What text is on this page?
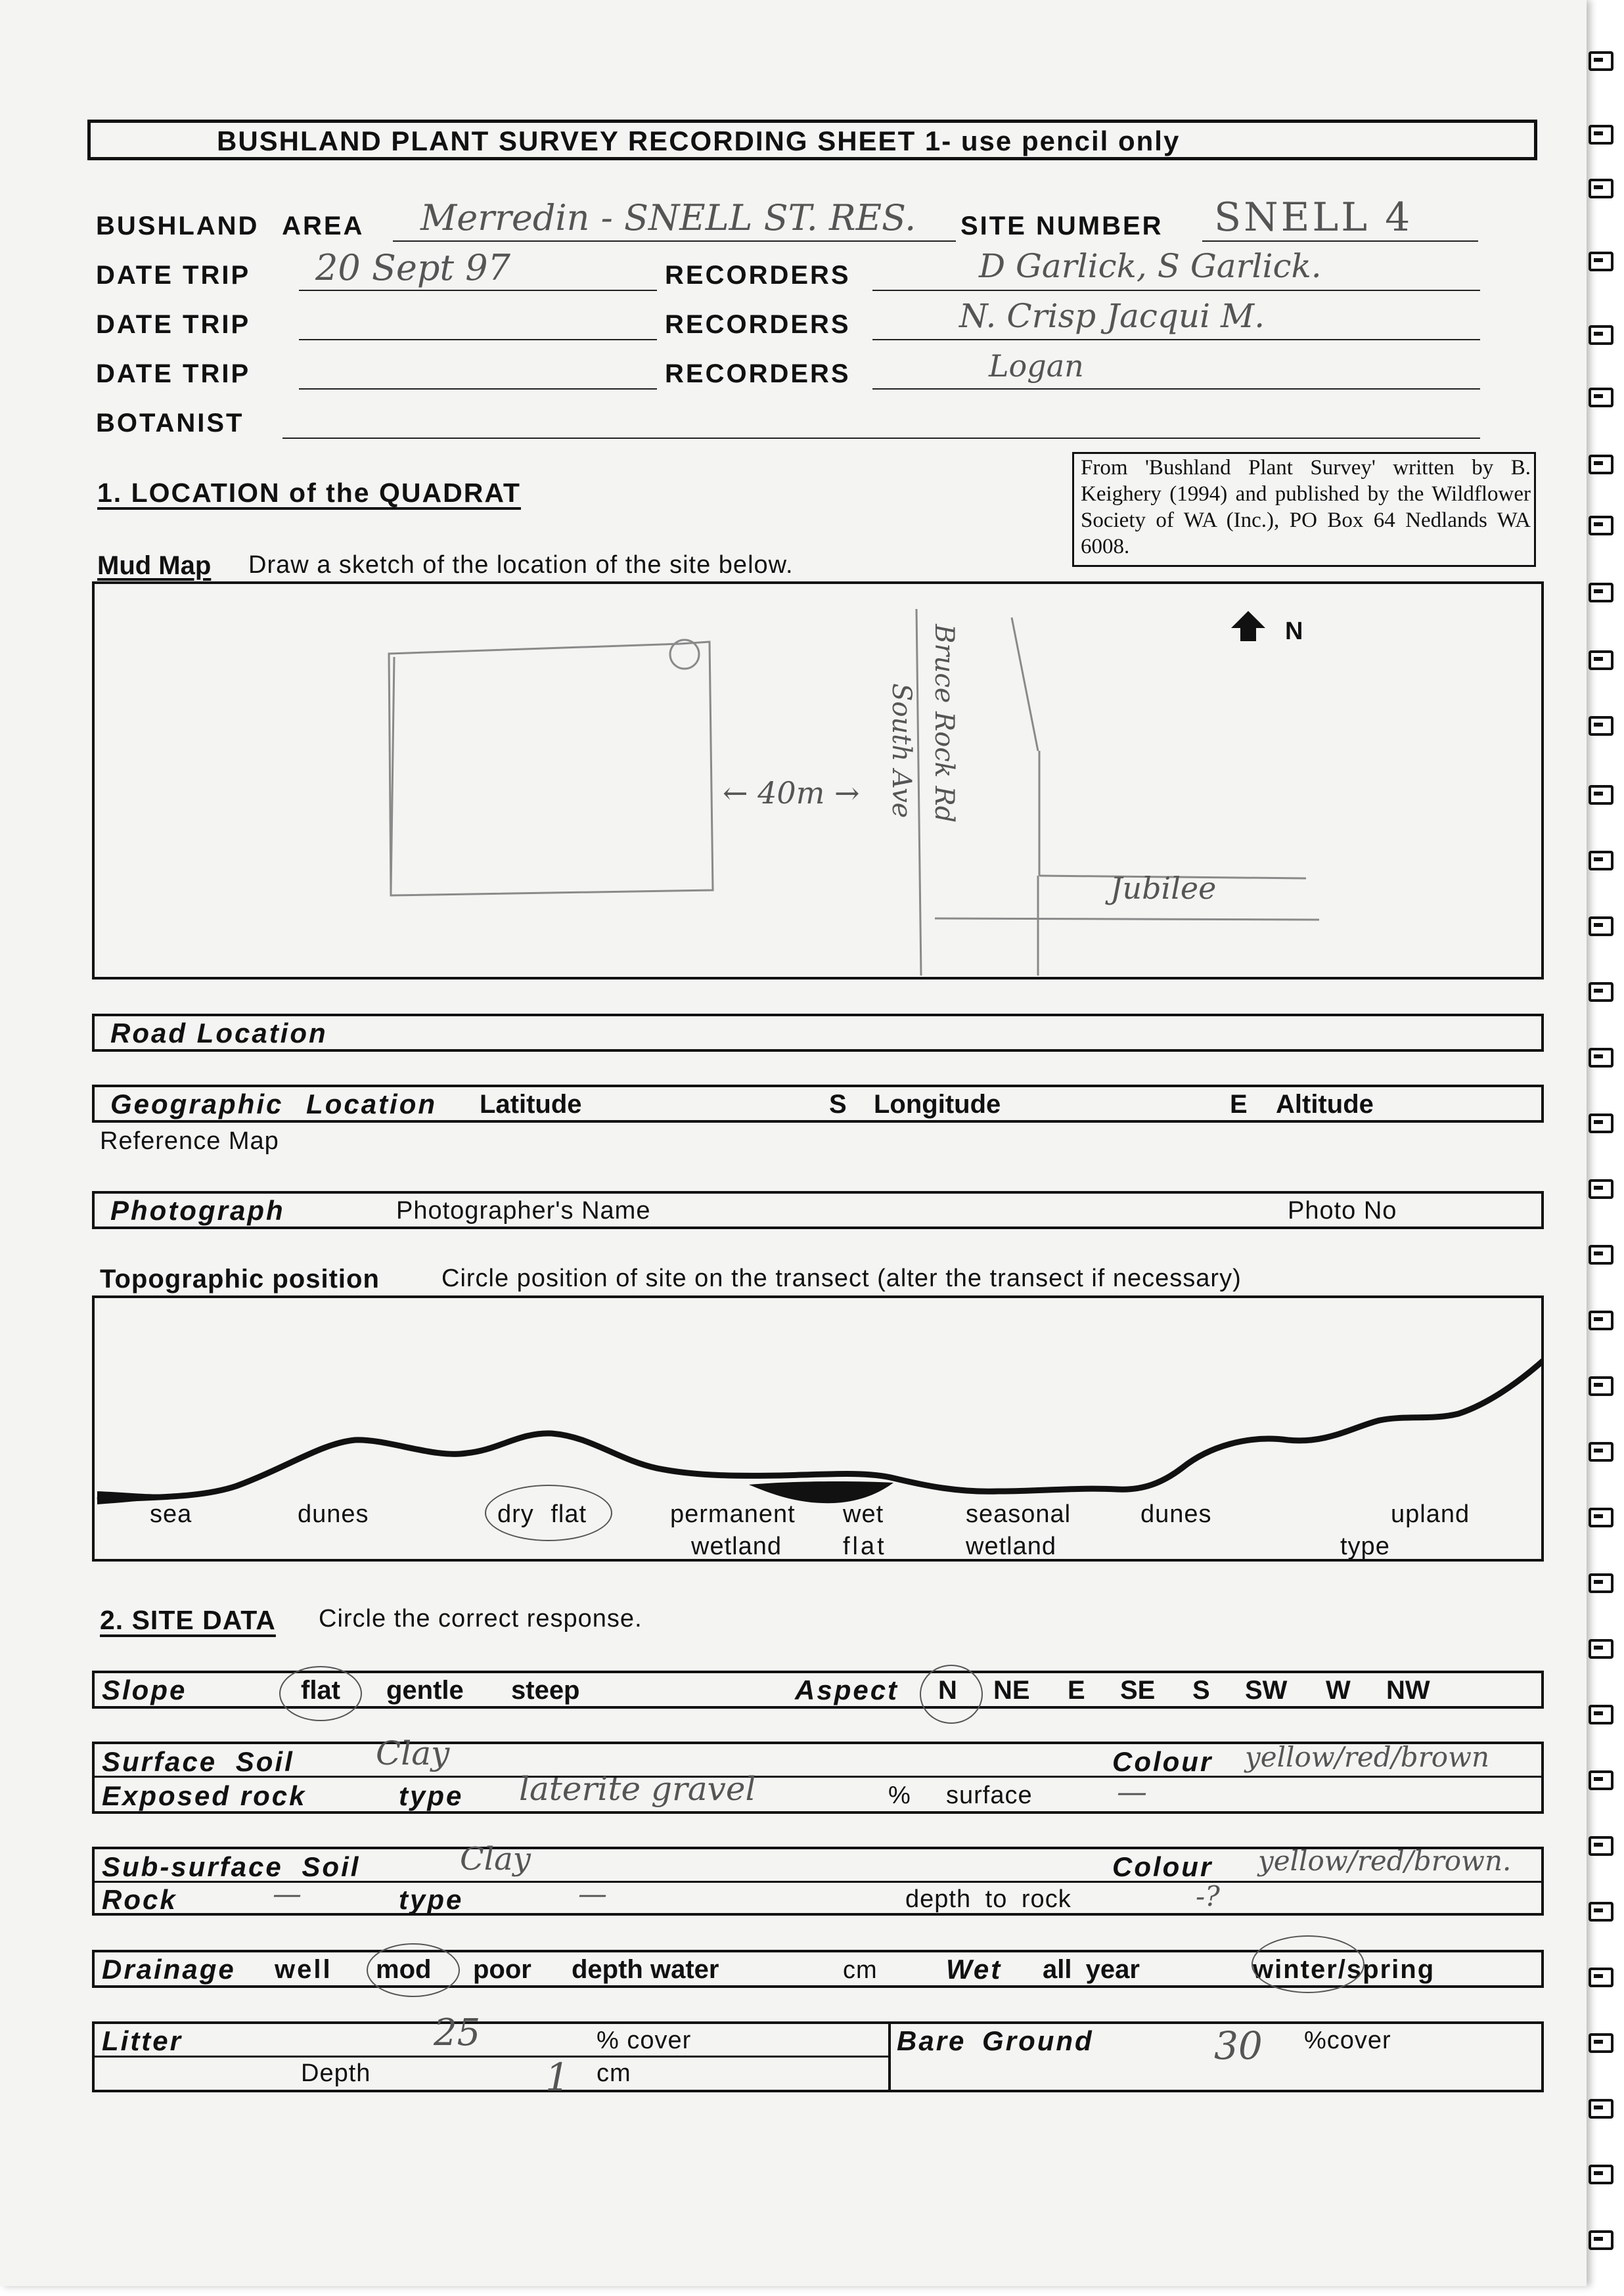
BUSHLAND PLANT SURVEY RECORDING SHEET 1- use pencil only
BUSHLAND AREA Merredin - SNELL ST. RES. SITE NUMBER SNELL 4
DATE TRIP 20 Sept 97	RECORDERS	D Garlick, S Garlick.
DATE TRIP	RECORDERS	N. Crisp Jacqui M.
DATE TRIP	RECORDERS	Logan
BOTANIST
From 'Bushland Plant Survey' written by B. Keighery (1994) and published by the Wildflower Society of WA (Inc.), PO Box 64 Nedlands WA 6008.
1. LOCATION of the QUADRAT
Mud Map Draw a sketch of the location of the site below.
← 40m → South Ave Bruce Rock Rd
Jubilee
N
Road Location
Geographic Location Latitude	S Longitude	E Altitude
Reference Map
Photograph	Photographer's Name	Photo No
Topographic position Circle position of site on the transect (alter the transect if necessary)
sea	dunes	dry flat	permanent
wetland
wet
flat
seasonal
wetland
dunes	upland
type
2. SITE DATA Circle the correct response.
Slope	flat gentle steep	Aspect N NE E SE S SW W NW
Surface Soil Clay	Colour yellow/red/brown
Exposed rock	type laterite gravel	% surface	—
Sub-surface Soil	Clay	Colour yellow/red/brown.
Rock	—	type	—	depth to rock	-?
Drainage well mod poor depth water	cm Wet all year	winter/spring
Litter	25	% cover
Depth	1 cm
Bare Ground	30 %cover
